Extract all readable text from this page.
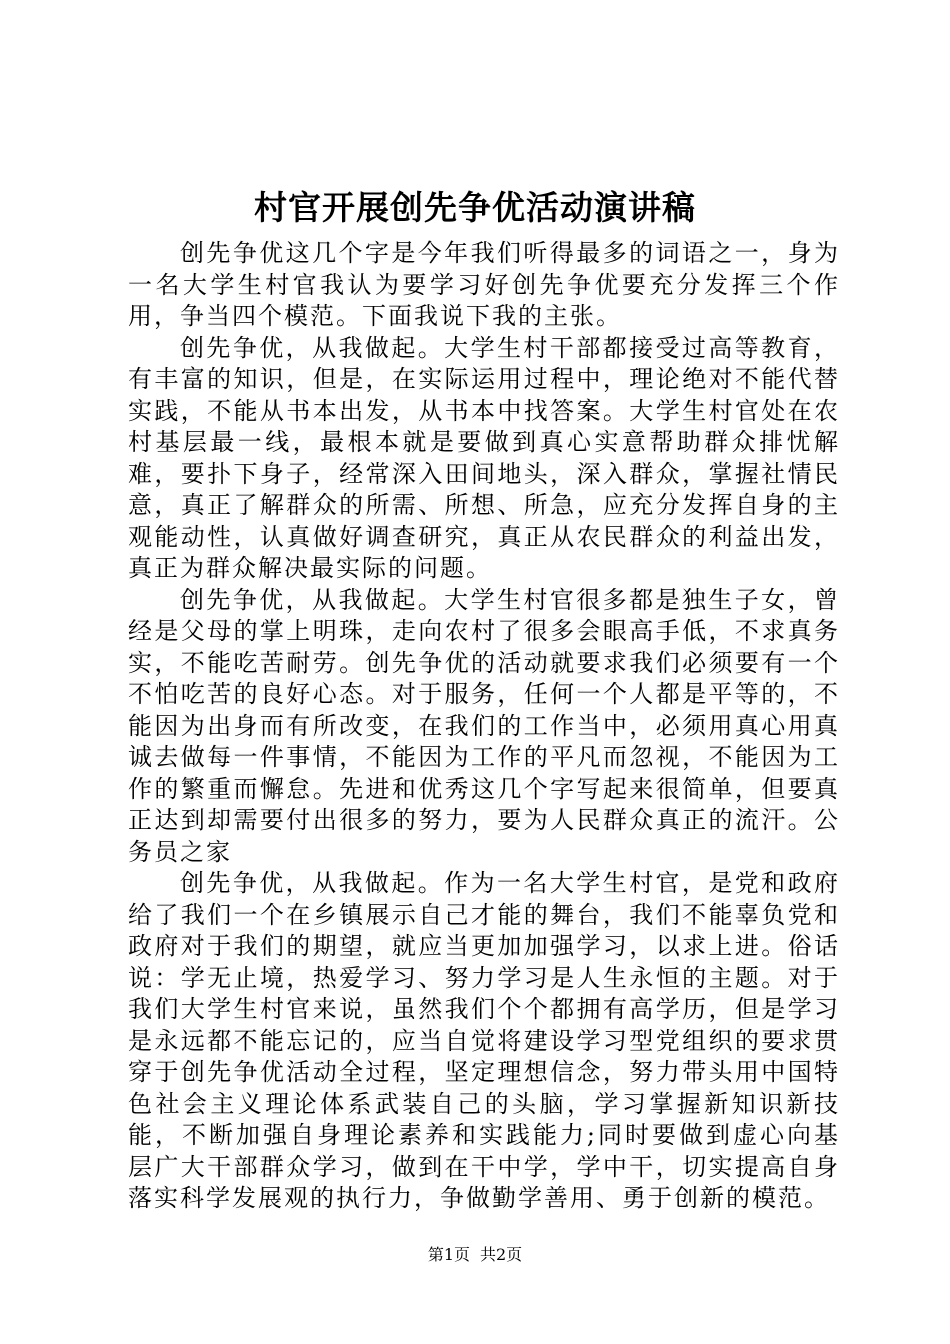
村官开展创先争优活动演讲稿

创先争优这几个字是今年我们听得最多的词语之一，身为一名大学生村官我认为要学习好创先争优要充分发挥三个作用，争当四个模范。下面我说下我的主张。

创先争优，从我做起。大学生村干部都接受过高等教育，有丰富的知识，但是，在实际运用过程中，理论绝对不能代替实践，不能从书本出发，从书本中找答案。大学生村官处在农村基层最一线，最根本就是要做到真心实意帮助群众排忧解难，要扑下身子，经常深入田间地头，深入群众，掌握社情民意，真正了解群众的所需、所想、所急，应充分发挥自身的主观能动性，认真做好调查研究，真正从农民群众的利益出发，真正为群众解决最实际的问题。

创先争优，从我做起。大学生村官很多都是独生子女，曾经是父母的掌上明珠，走向农村了很多会眼高手低，不求真务实，不能吃苦耐劳。创先争优的活动就要求我们必须要有一个不怕吃苦的良好心态。对于服务，任何一个人都是平等的，不能因为出身而有所改变，在我们的工作当中，必须用真心用真诚去做每一件事情，不能因为工作的平凡而忽视，不能因为工作的繁重而懈怠。先进和优秀这几个字写起来很简单，但要真正达到却需要付出很多的努力，要为人民群众真正的流汗。公务员之家

创先争优，从我做起。作为一名大学生村官，是党和政府给了我们一个在乡镇展示自己才能的舞台，我们不能辜负党和政府对于我们的期望，就应当更加加强学习，以求上进。俗话说：学无止境，热爱学习、努力学习是人生永恒的主题。对于我们大学生村官来说，虽然我们个个都拥有高学历，但是学习是永远都不能忘记的，应当自觉将建设学习型党组织的要求贯穿于创先争优活动全过程，坚定理想信念，努力带头用中国特色社会主义理论体系武装自己的头脑，学习掌握新知识新技能，不断加强自身理论素养和实践能力;同时要做到虚心向基层广大干部群众学习，做到在干中学，学中干，切实提高自身落实科学发展观的执行力，争做勤学善用、勇于创新的模范。

第1页 共2页
